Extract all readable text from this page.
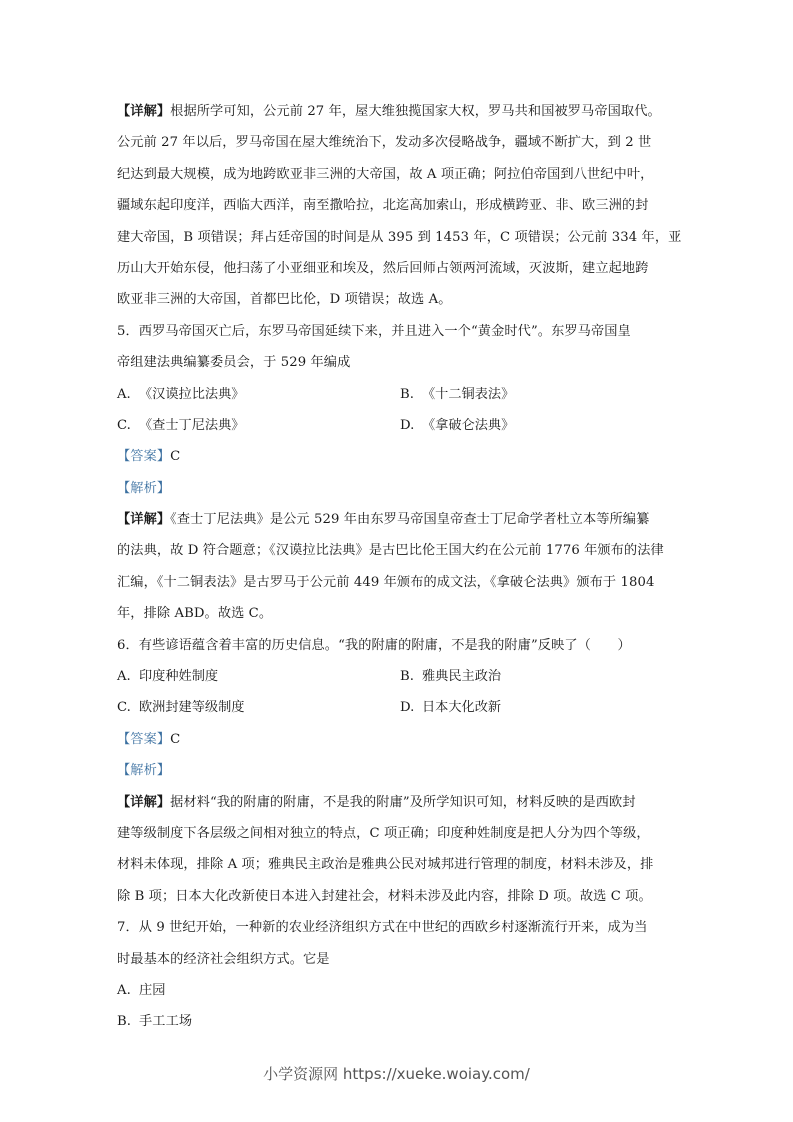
【详解】根据所学可知，公元前 27 年，屋大维独揽国家大权，罗马共和国被罗马帝国取代。
公元前 27 年以后，罗马帝国在屋大维统治下，发动多次侵略战争，疆域不断扩大，到 2 世
纪达到最大规模，成为地跨欧亚非三洲的大帝国，故 A 项正确；阿拉伯帝国到八世纪中叶，
疆域东起印度洋，西临大西洋，南至撒哈拉，北迄高加索山，形成横跨亚、非、欧三洲的封
建大帝国，B 项错误；拜占廷帝国的时间是从 395 到 1453 年，C 项错误；公元前 334 年，亚
历山大开始东侵，他扫荡了小亚细亚和埃及，然后回师占领两河流域，灭波斯，建立起地跨
欧亚非三洲的大帝国，首都巴比伦，D 项错误；故选 A。
5．西罗马帝国灭亡后，东罗马帝国延续下来，并且进入一个“黄金时代”。东罗马帝国皇
帝组建法典编纂委员会，于 529 年编成
A. 《汉谟拉比法典》	B. 《十二铜表法》
C. 《查士丁尼法典》	D. 《拿破仑法典》
【答案】C
【解析】
【详解】《查士丁尼法典》是公元 529 年由东罗马帝国皇帝查士丁尼命学者杜立本等所编纂
的法典，故 D 符合题意；《汉谟拉比法典》是古巴比伦王国大约在公元前 1776 年颁布的法律
汇编，《十二铜表法》是古罗马于公元前 449 年颁布的成文法，《拿破仑法典》颁布于 1804
年，排除 ABD。故选 C。
6．有些谚语蕴含着丰富的历史信息。“我的附庸的附庸，不是我的附庸”反映了（　　）
A. 印度种姓制度	B. 雅典民主政治
C. 欧洲封建等级制度	D. 日本大化改新
【答案】C
【解析】
【详解】据材料“我的附庸的附庸，不是我的附庸”及所学知识可知，材料反映的是西欧封
建等级制度下各层级之间相对独立的特点，C 项正确；印度种姓制度是把人分为四个等级，
材料未体现，排除 A 项；雅典民主政治是雅典公民对城邦进行管理的制度，材料未涉及，排
除 B 项；日本大化改新使日本进入封建社会，材料未涉及此内容，排除 D 项。故选 C 项。
7．从 9 世纪开始，一种新的农业经济组织方式在中世纪的西欧乡村逐渐流行开来，成为当
时最基本的经济社会组织方式。它是
A. 庄园
B. 手工工场
小学资源网 https://xueke.woiay.com/
